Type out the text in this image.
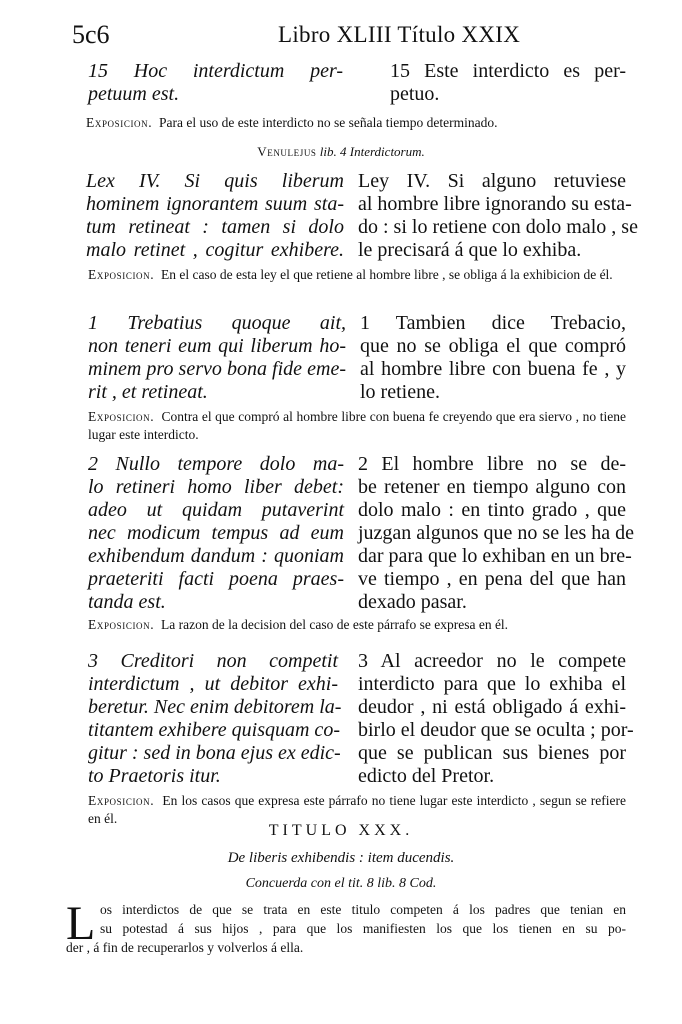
5c6	Libro XLIII Título XXIX
15 Hoc interdictum per-
petuum est.
15 Este interdicto es per-
petuo.
Exposicion. Para el uso de este interdicto no se señala tiempo determinado.
Venulejus lib. 4 Interdictorum.
Lex IV. Si quis liberum
hominem ignorantem suum sta-
tum retineat : tamen si dolo
malo retinet , cogitur exhibere.
Ley IV. Si alguno retuviese
al hombre libre ignorando su esta-
do : si lo retiene con dolo malo , se
le precisará á que lo exhiba.
Exposicion. En el caso de esta ley el que retiene al hombre libre , se obliga á la exhibicion de él.
1 Trebatius quoque ait,
non teneri eum qui liberum ho-
minem pro servo bona fide eme-
rit , et retineat.
1 Tambien dice Trebacio,
que no se obliga el que compró
al hombre libre con buena fe , y
lo retiene.
Exposicion. Contra el que compró al hombre libre con buena fe creyendo que era siervo , no tiene lugar este interdicto.
2 Nullo tempore dolo ma-
lo retineri homo liber debet:
adeo ut quidam putaverint
nec modicum tempus ad eum
exhibendum dandum : quoniam
praeteriti facti poena praes-
tanda est.
2 El hombre libre no se de-
be retener en tiempo alguno con
dolo malo : en tinto grado , que
juzgan algunos que no se les ha de
dar para que lo exhiban en un bre-
ve tiempo , en pena del que han
dexado pasar.
Exposicion. La razon de la decision del caso de este párrafo se expresa en él.
3 Creditori non competit
interdictum , ut debitor exhi-
beretur. Nec enim debitorem la-
titantem exhibere quisquam co-
gitur : sed in bona ejus ex edic-
to Praetoris itur.
3 Al acreedor no le compete
interdicto para que lo exhiba el
deudor , ni está obligado á exhi-
birlo el deudor que se oculta ; por-
que se publican sus bienes por
edicto del Pretor.
Exposicion. En los casos que expresa este párrafo no tiene lugar este interdicto , segun se refiere en él.
TITULO XXX.
De liberis exhibendis : item ducendis.
Concuerda con el tit. 8 lib. 8 Cod.
L os interdictos de que se trata en este titulo competen á los padres que tenian en
su potestad á sus hijos , para que los manifiesten los que los tienen en su po-
der , á fin de recuperarlos y volverlos á ella.
